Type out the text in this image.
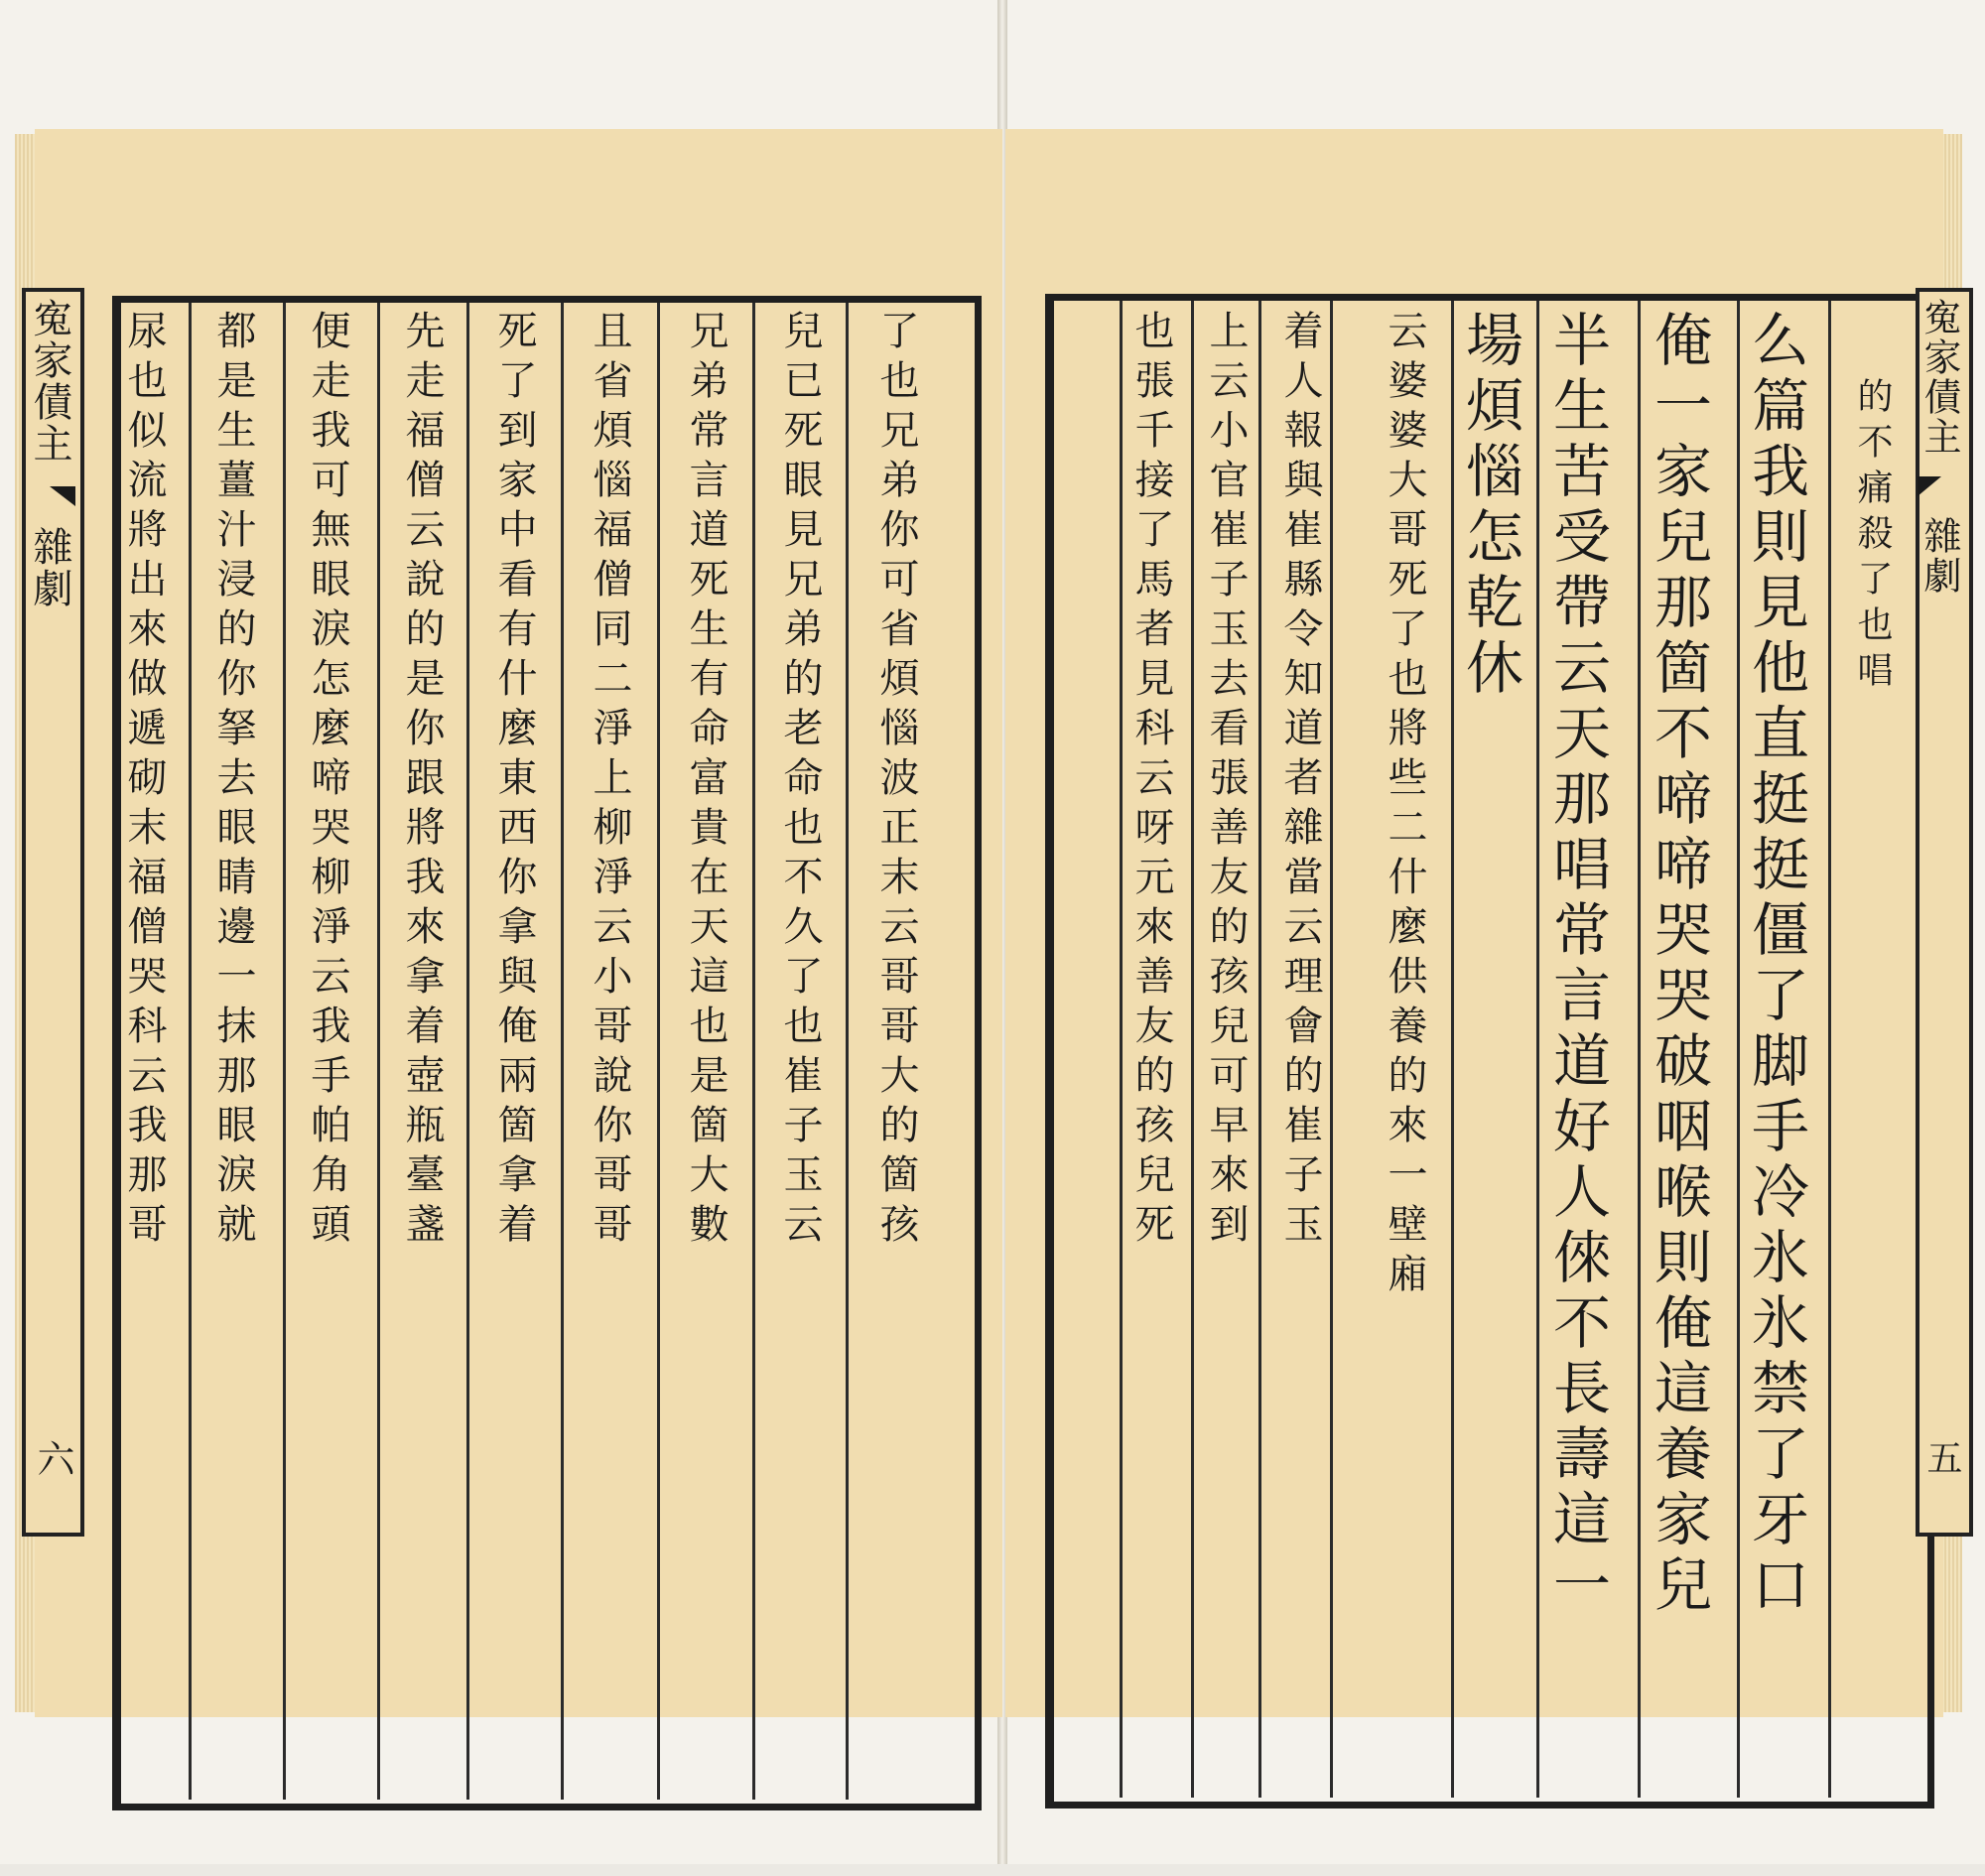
了也兄弟你可省煩惱波正末云哥哥大的箇孩
兒已死眼見兄弟的老命也不久了也崔子玉云
兄弟常言道死生有命富貴在天這也是箇大數
且省煩惱福僧同二淨上柳淨云小哥說你哥哥
死了到家中看有什麼東西你拿與俺兩箇拿着
先走福僧云說的是你跟將我來拿着壺瓶臺盞
便走我可無眼淚怎麼啼哭柳淨云我手帕角頭
都是生薑汁浸的你拏去眼睛邊一抹那眼淚就
尿也似流將出來做遞砌末福僧哭科云我那哥
寃家債主
雜劇
六
的不痛殺了也唱
么篇我則見他直挺挺僵了脚手冷氷氷禁了牙口
俺一家兒那箇不啼啼哭哭破咽喉則俺這養家兒
半生苦受帶云天那唱常言道好人倈不長壽這一
場煩惱怎乾休
云婆婆大哥死了也將些二什麼供養的來一壁廂
着人報與崔縣令知道者雜當云理會的崔子玉
上云小官崔子玉去看張善友的孩兒可早來到
也張千接了馬者見科云呀元來善友的孩兒死	寃家債主
雜劇
五
